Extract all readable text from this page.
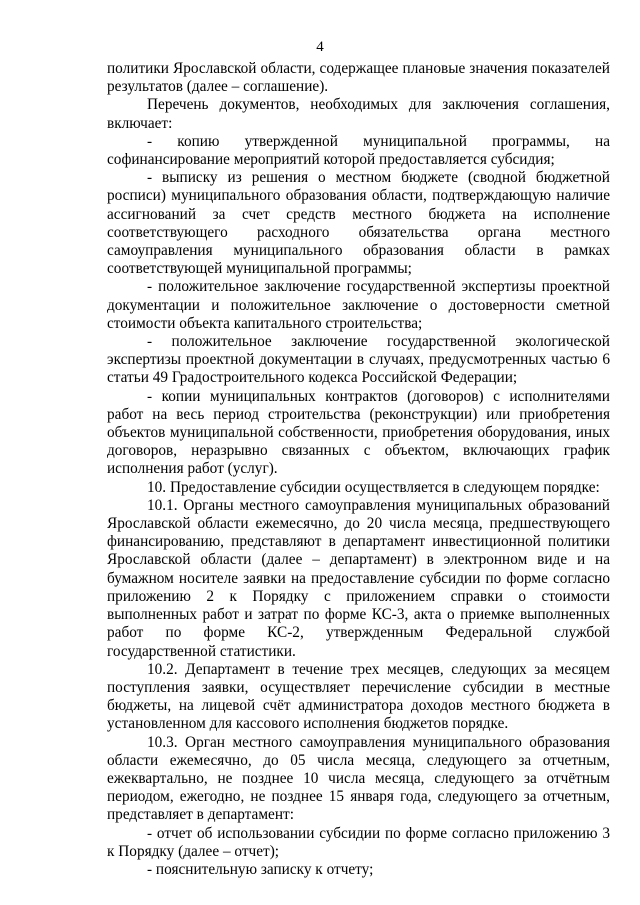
4

политики Ярославской области, содержащее плановые значения показателей результатов (далее – соглашение).

Перечень документов, необходимых для заключения соглашения, включает:

- копию утвержденной муниципальной программы, на софинансирование мероприятий которой предоставляется субсидия;

- выписку из решения о местном бюджете (сводной бюджетной росписи) муниципального образования области, подтверждающую наличие ассигнований за счет средств местного бюджета на исполнение соответствующего расходного обязательства органа местного самоуправления муниципального образования области в рамках соответствующей муниципальной программы;

- положительное заключение государственной экспертизы проектной документации и положительное заключение о достоверности сметной стоимости объекта капитального строительства;

- положительное заключение государственной экологической экспертизы проектной документации в случаях, предусмотренных частью 6 статьи 49 Градостроительного кодекса Российской Федерации;

- копии муниципальных контрактов (договоров) с исполнителями работ на весь период строительства (реконструкции) или приобретения объектов муниципальной собственности, приобретения оборудования, иных договоров, неразрывно связанных с объектом, включающих график исполнения работ (услуг).

10. Предоставление субсидии осуществляется в следующем порядке:

10.1. Органы местного самоуправления муниципальных образований Ярославской области ежемесячно, до 20 числа месяца, предшествующего финансированию, представляют в департамент инвестиционной политики Ярославской области (далее – департамент) в электронном виде и на бумажном носителе заявки на предоставление субсидии по форме согласно приложению 2 к Порядку с приложением справки о стоимости выполненных работ и затрат по форме КС-3, акта о приемке выполненных работ по форме КС-2, утвержденным Федеральной службой государственной статистики.

10.2. Департамент в течение трех месяцев, следующих за месяцем поступления заявки, осуществляет перечисление субсидии в местные бюджеты, на лицевой счёт администратора доходов местного бюджета в установленном для кассового исполнения бюджетов порядке.

10.3. Орган местного самоуправления муниципального образования области ежемесячно, до 05 числа месяца, следующего за отчетным, ежеквартально, не позднее 10 числа месяца, следующего за отчётным периодом, ежегодно, не позднее 15 января года, следующего за отчетным, представляет в департамент:

- отчет об использовании субсидии по форме согласно приложению 3 к Порядку (далее – отчет);

- пояснительную записку к отчету;
